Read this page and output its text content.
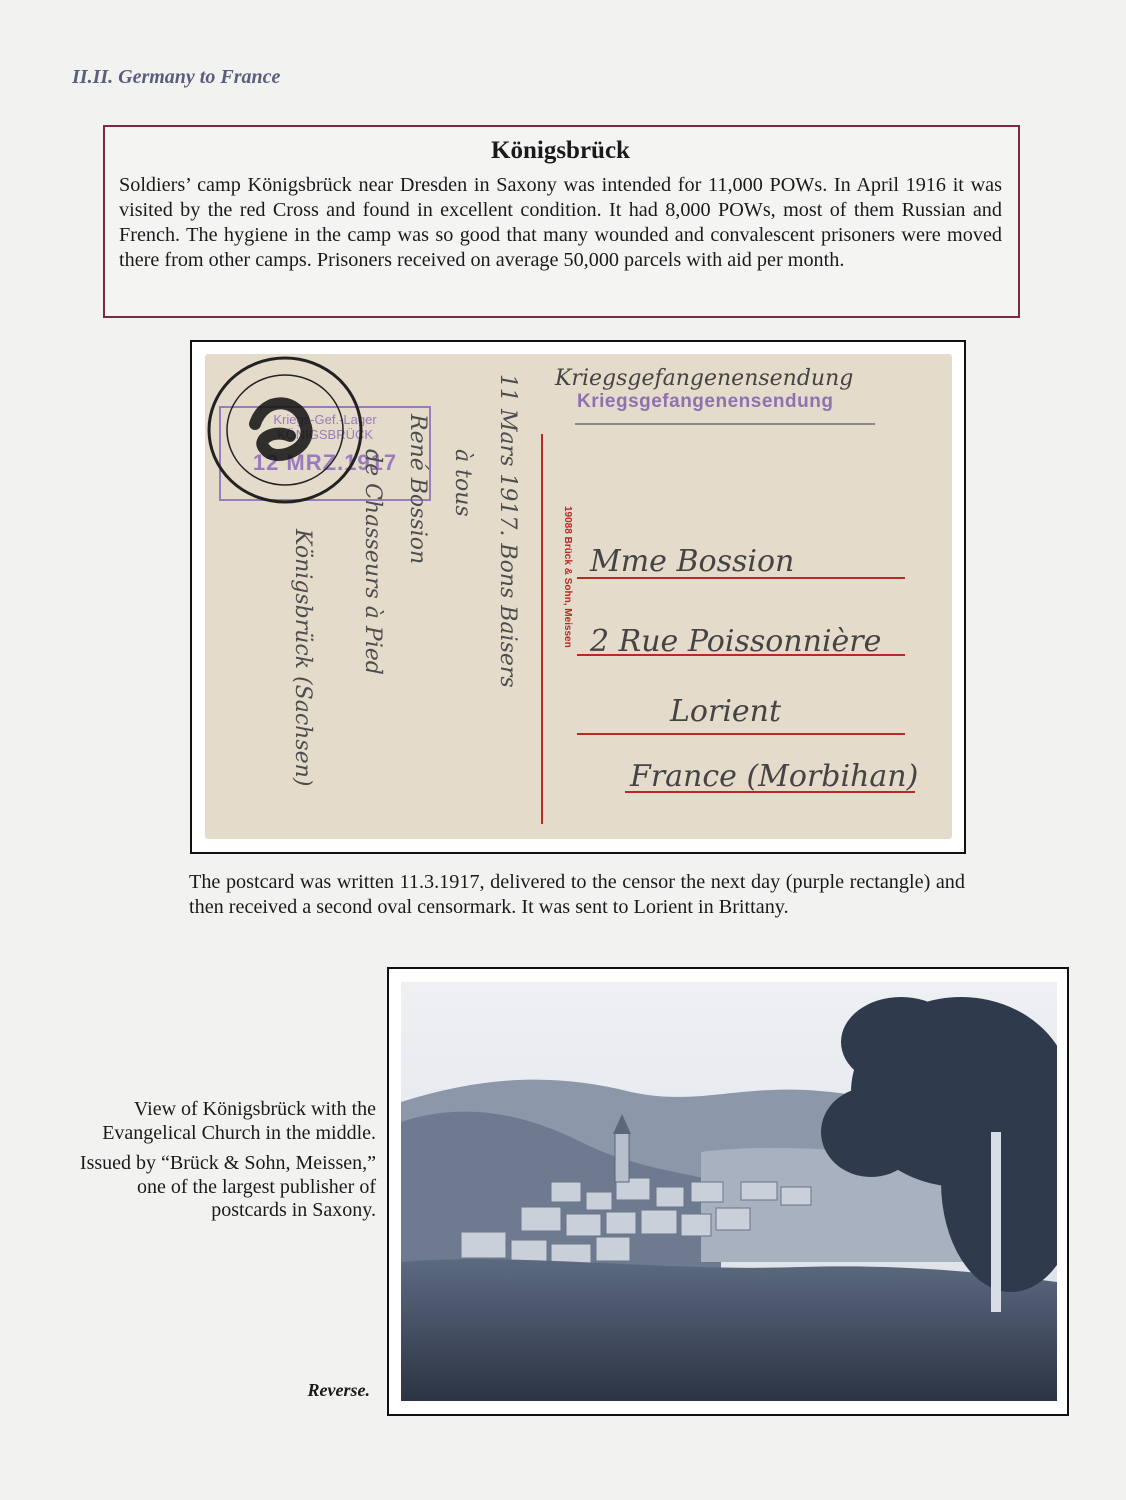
II.II. Germany to France
Königsbrück

Soldiers’ camp Königsbrück near Dresden in Saxony was intended for 11,000 POWs. In April 1916 it was visited by the red Cross and found in excellent condition. It had 8,000 POWs, most of them Russian and French. The hygiene in the camp was so good that many wounded and convalescent prisoners were moved there from other camps. Prisoners received on average 50,000 parcels with aid per month.

Kriegs-Gef.-Lager
KÖNIGSBRÜCK
12 MRZ.1917
Kriegsgefangenensendung
Kriegsgefangenensendung
19088 Brück & Sohn, Meissen Mme Bossion
2 Rue Poissonnière
Lorient
France (Morbihan)
11 Mars 1917. Bons Baisers
à tous
René Bossion
de Chasseurs à Pied
Königsbrück (Sachsen)
The postcard was written 11.3.1917, delivered to the censor the next day (purple rectangle) and then received a second oval censormark. It was sent to Lorient in Brittany.

View of Königsbrück with the Evangelical Church in the middle.

Issued by “Brück & Sohn, Meissen,” one of the largest publisher of postcards in Saxony.

Reverse.
